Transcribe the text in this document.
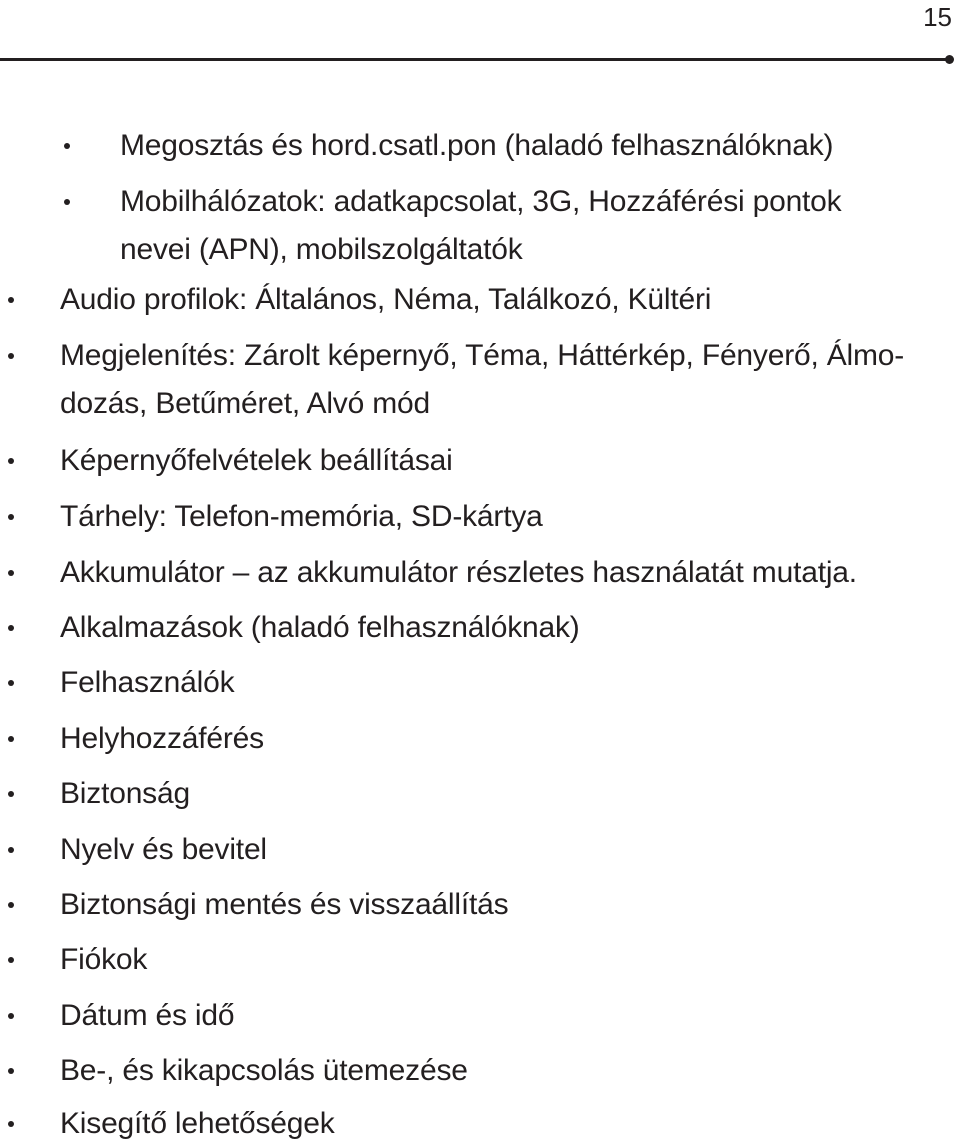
15
Megosztás és hord.csatl.pon (haladó felhasználóknak)
Mobilhálózatok: adatkapcsolat, 3G, Hozzáférési pontok
nevei (APN), mobilszolgáltatók
Audio profilok: Általános, Néma, Találkozó, Kültéri
Megjelenítés: Zárolt képernyő, Téma, Háttérkép, Fényerő, Álmo-
dozás, Betűméret, Alvó mód
Képernyőfelvételek beállításai
Tárhely: Telefon-memória, SD-kártya
Akkumulátor – az akkumulátor részletes használatát mutatja.
Alkalmazások (haladó felhasználóknak)
Felhasználók
Helyhozzáférés
Biztonság
Nyelv és bevitel
Biztonsági mentés és visszaállítás
Fiókok
Dátum és idő
Be-, és kikapcsolás ütemezése
Kisegítő lehetőségek
